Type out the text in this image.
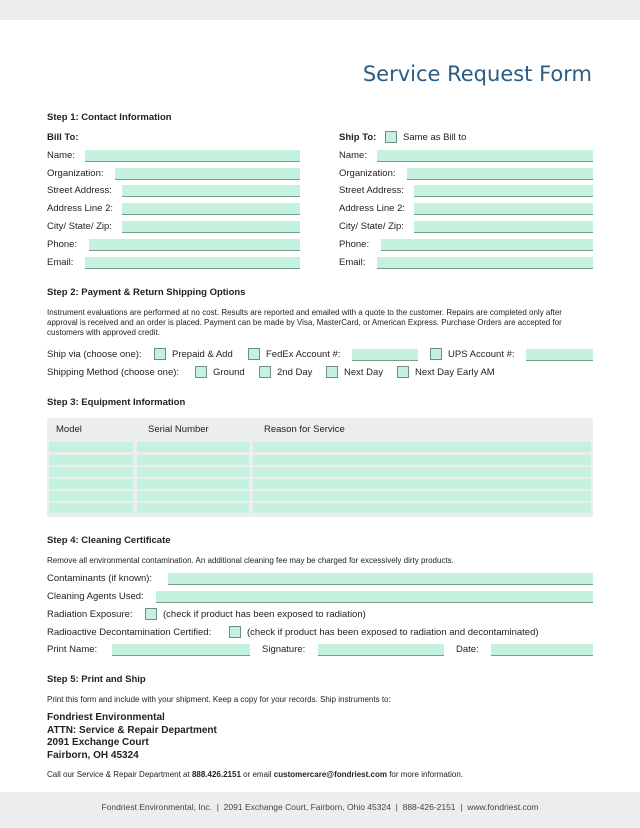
Service Request Form
Step 1: Contact Information
Bill To:	Ship To:	Same as Bill to
Name:
Organization:
Street Address:
Address Line 2:
City/ State/ Zip:
Phone:
Email:
Name:
Organization:
Street Address:
Address Line 2:
City/ State/ Zip:
Phone:
Email:
Step 2: Payment & Return Shipping Options
Instrument evaluations are performed at no cost. Results are reported and emailed with a quote to the customer. Repairs are completed only after approval is received and an order is placed. Payment can be made by Visa, MasterCard, or American Express. Purchase Orders are accepted for customers with approved credit.
Ship via (choose one):	Prepaid & Add	FedEx Account #:	UPS Account #:
Shipping Method (choose one):	Ground	2nd Day	Next Day	Next Day Early AM
Step 3: Equipment Information
Model	Serial Number	Reason for Service
Step 4: Cleaning Certificate
Remove all environmental contamination. An additional cleaning fee may be charged for excessively dirty products.
Contaminants (if known):
Cleaning Agents Used:
Radiation Exposure:	(check if product has been exposed to radiation)
Radioactive Decontamination Certified:	(check if product has been exposed to radiation and decontaminated)
Print Name:	Signature:	Date:
Step 5: Print and Ship
Print this form and include with your shipment. Keep a copy for your records. Ship instruments to:
Fondriest Environmental
ATTN: Service & Repair Department
2091 Exchange Court
Fairborn, OH 45324
Call our Service & Repair Department at 888.426.2151 or email customercare@fondriest.com for more information.
Fondriest Environmental, Inc.  |  2091 Exchange Court, Fairborn, Ohio 45324  |  888-426-2151  |  www.fondriest.com
